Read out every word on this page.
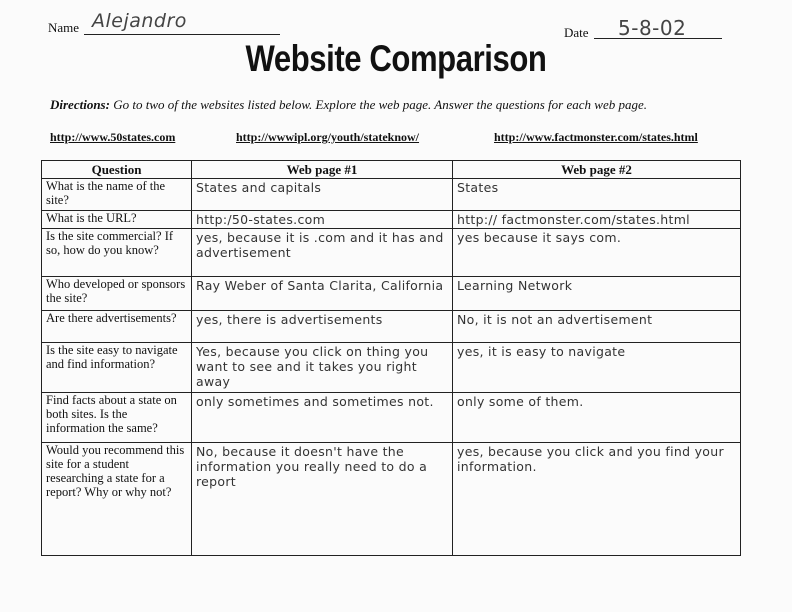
Name Alejandro
Date 5-8-02
Website Comparison
Directions: Go to two of the websites listed below. Explore the web page. Answer the questions for each web page.
http://www.50states.com	http://wwwipl.org/youth/stateknow/	http://www.factmonster.com/states.html
Question	Web page #1	Web page #2
What is the name of the site?	States and capitals	States
What is the URL?	http:/50-states.com	http:// factmonster.com/states.html
Is the site commercial? If so, how do you know?	yes, because it is .com and it has and advertisement	yes because it says com.
Who developed or sponsors the site?	Ray Weber of Santa Clarita, California	Learning Network
Are there advertisements?	yes, there is advertisements	No, it is not an advertisement
Is the site easy to navigate and find information?	Yes, because you click on thing you want to see and it takes you right away	yes, it is easy to navigate
Find facts about a state on both sites. Is the information the same?	only sometimes and sometimes not.	only some of them.
Would you recommend this site for a student researching a state for a report? Why or why not?	No, because it doesn't have the information you really need to do a report	yes, because you click and you find your information.
